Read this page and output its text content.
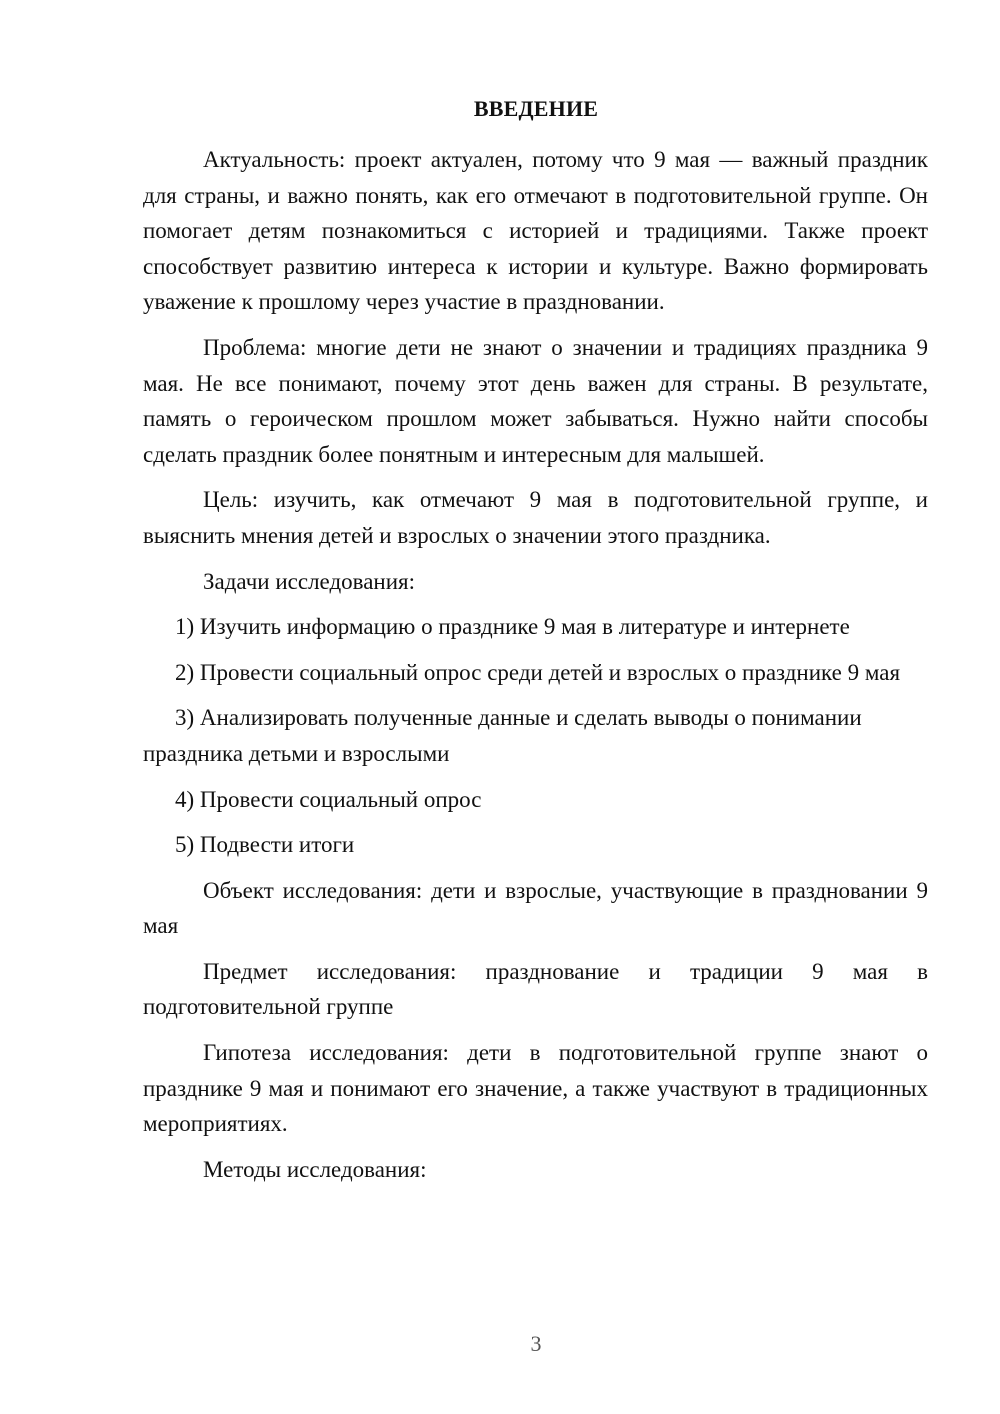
ВВЕДЕНИЕ

Актуальность: проект актуален, потому что 9 мая — важный праздник для страны, и важно понять, как его отмечают в подготовительной группе. Он помогает детям познакомиться с историей и традициями. Также проект способствует развитию интереса к истории и культуре. Важно формировать уважение к прошлому через участие в праздновании.

Проблема: многие дети не знают о значении и традициях праздника 9 мая. Не все понимают, почему этот день важен для страны. В результате, память о героическом прошлом может забываться. Нужно найти способы сделать праздник более понятным и интересным для малышей.

Цель: изучить, как отмечают 9 мая в подготовительной группе, и выяснить мнения детей и взрослых о значении этого праздника.

Задачи исследования:

1) Изучить информацию о празднике 9 мая в литературе и интернете

2) Провести социальный опрос среди детей и взрослых о празднике 9 мая

3) Анализировать полученные данные и сделать выводы о понимании праздника детьми и взрослыми

4) Провести социальный опрос

5) Подвести итоги

Объект исследования: дети и взрослые, участвующие в праздновании 9 мая

Предмет исследования: празднование и традиции 9 мая в подготовительной группе

Гипотеза исследования: дети в подготовительной группе знают о празднике 9 мая и понимают его значение, а также участвуют в традиционных мероприятиях.

Методы исследования:

3
